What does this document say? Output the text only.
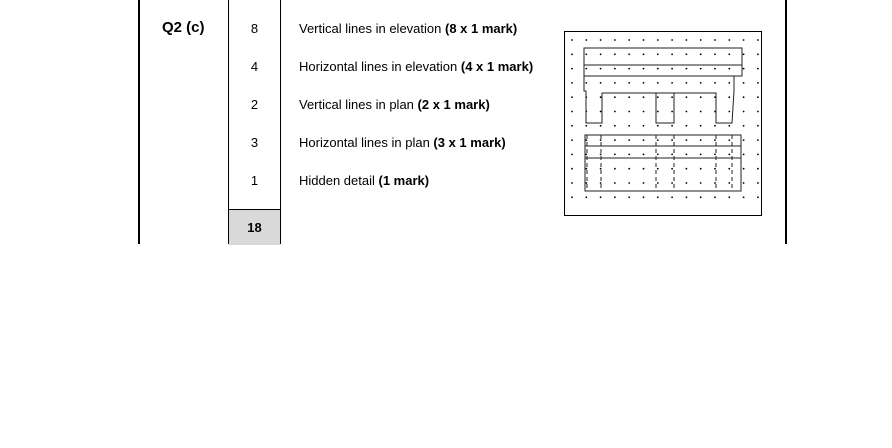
Q2 (c)	8
4
2
3
1
Vertical lines in elevation (8 x 1 mark)
Horizontal lines in elevation (4 x 1 mark)
Vertical lines in plan (2 x 1 mark)
Horizontal lines in plan (3 x 1 mark)
Hidden detail (1 mark)
18
